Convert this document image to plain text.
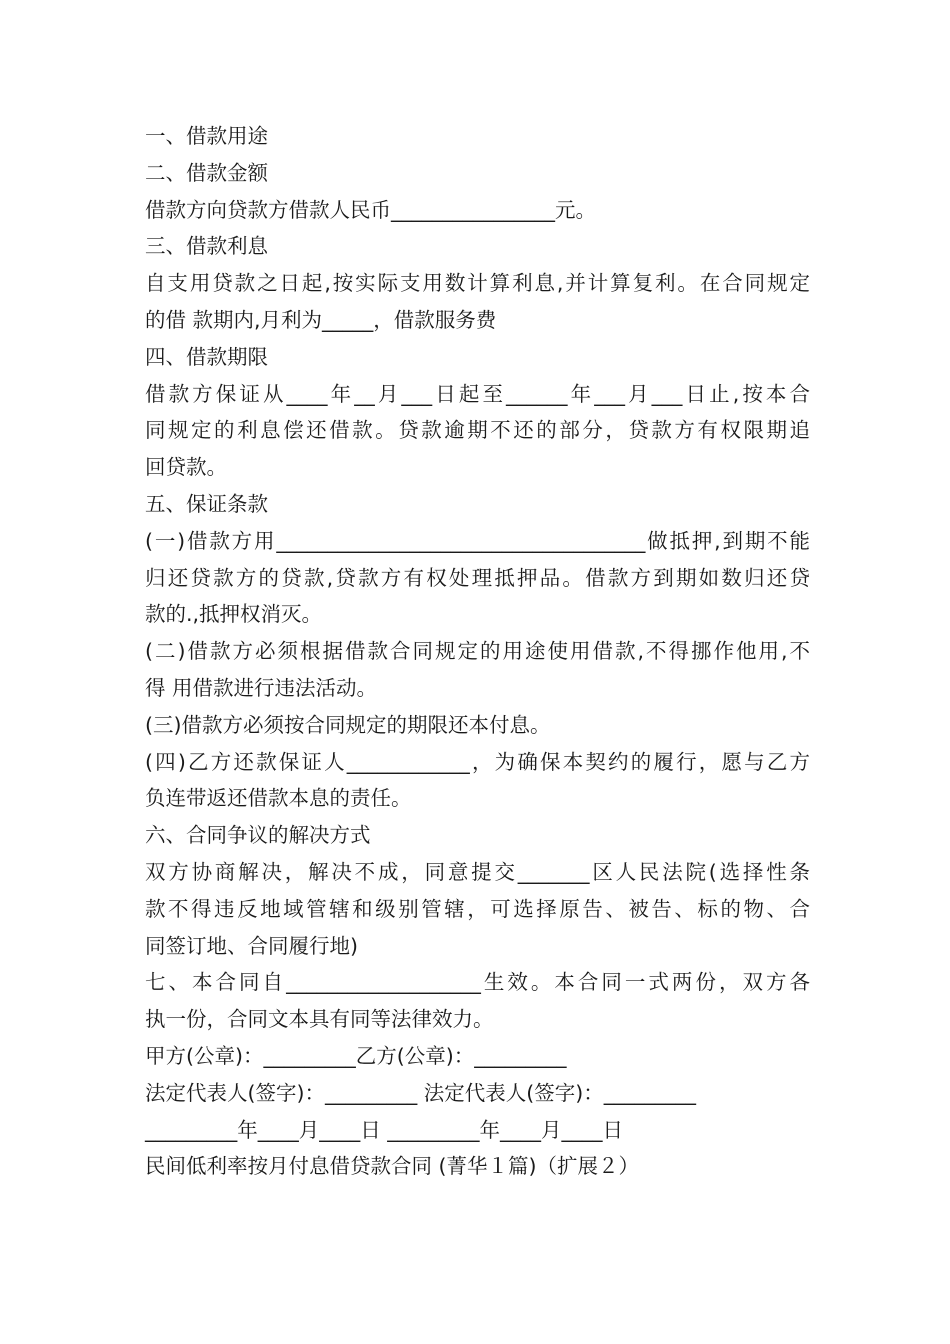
一、借款用途
二、借款金额
借款方向贷款方借款人民币________________元。
三、借款利息
自支用贷款之日起,按实际支用数计算利息,并计算复利。在合同规定
的借 款期内,月利为_____，借款服务费
四、借款期限
借款方保证从____年__月___日起至______年___月___日止,按本合
同规定的利息偿还借款。贷款逾期不还的部分，贷款方有权限期追
回贷款。
五、保证条款
(一)借款方用____________________________________做抵押,到期不能
归还贷款方的贷款,贷款方有权处理抵押品。借款方到期如数归还贷
款的.,抵押权消灭。
(二)借款方必须根据借款合同规定的用途使用借款,不得挪作他用,不
得 用借款进行违法活动。
(三)借款方必须按合同规定的期限还本付息。
(四)乙方还款保证人____________，为确保本契约的履行，愿与乙方
负连带返还借款本息的责任。
六、合同争议的解决方式
双方协商解决，解决不成，同意提交_______区人民法院(选择性条
款不得违反地域管辖和级别管辖，可选择原告、被告、标的物、合
同签订地、合同履行地)
七、本合同自___________________生效。本合同一式两份，双方各
执一份，合同文本具有同等法律效力。
甲方(公章)：_________乙方(公章)：_________
法定代表人(签字)：_________ 法定代表人(签字)：_________
_________年____月____日 _________年____月____日
民间低利率按月付息借贷款合同 (菁华１篇)（扩展２）
